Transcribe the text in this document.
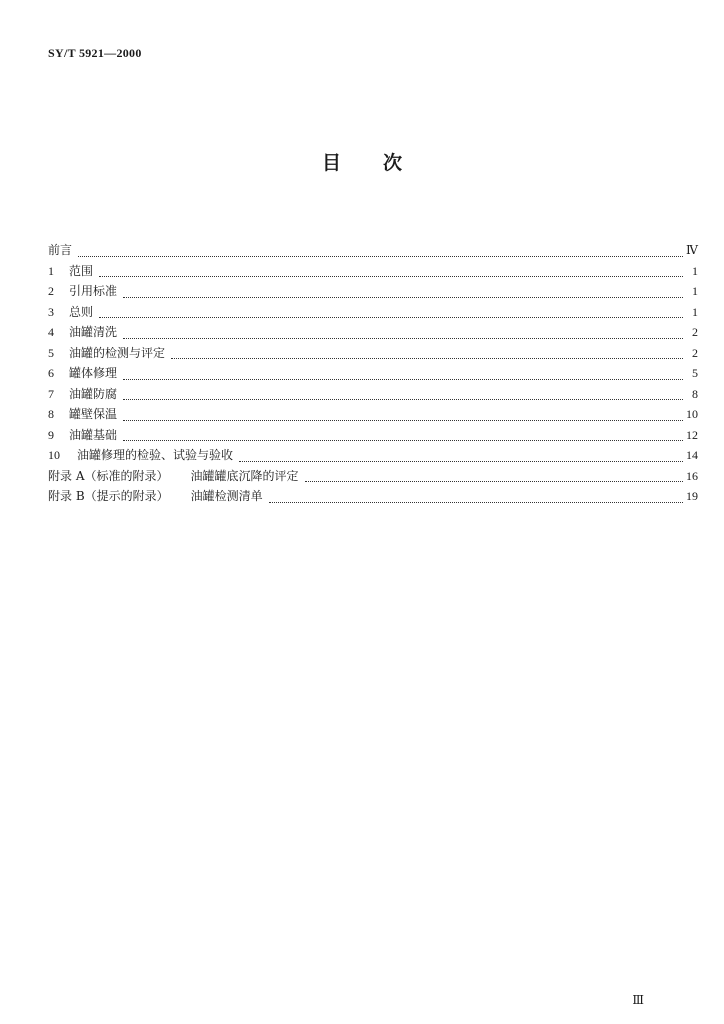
SY/T 5921—2000
目 次
前言	Ⅳ
1	范围	1
2	引用标准	1
3	总则	1
4	油罐清洗	2
5	油罐的检测与评定	2
6	罐体修理	5
7	油罐防腐	8
8	罐壁保温	10
9	油罐基础	12
10	油罐修理的检验、试验与验收	14
附录 A（标准的附录） 油罐罐底沉降的评定	16
附录 B（提示的附录） 油罐检测清单	19
Ⅲ
